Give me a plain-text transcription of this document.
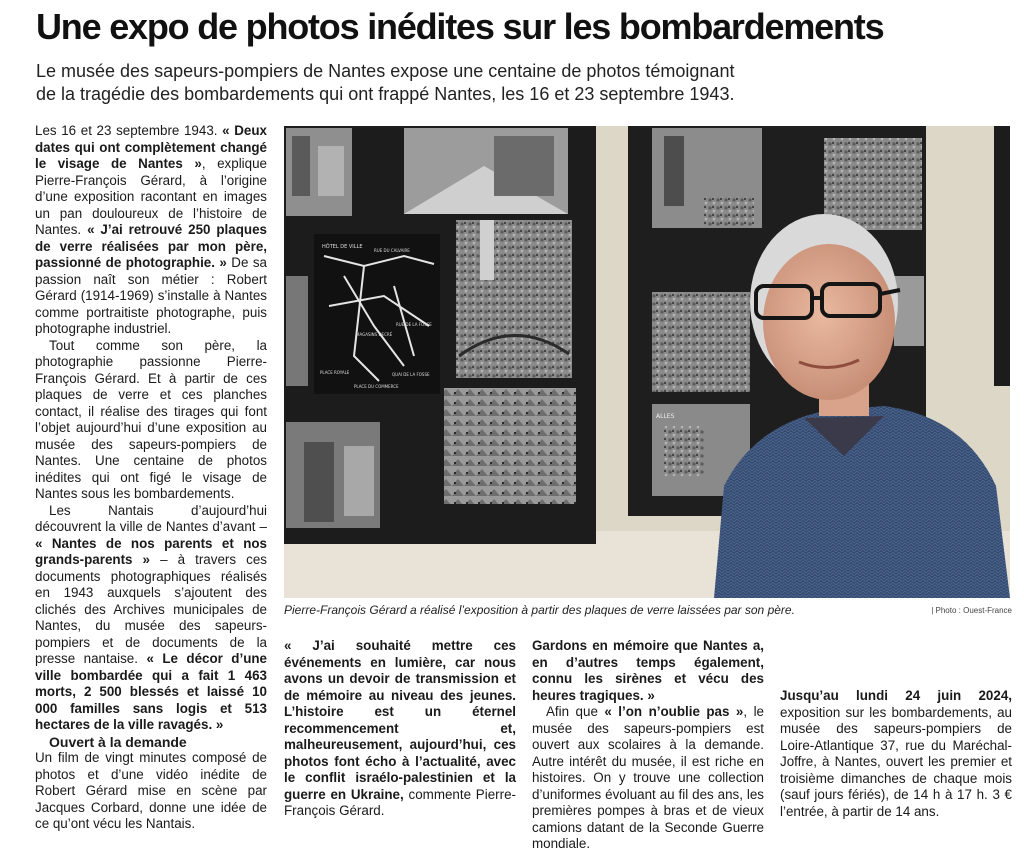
Une expo de photos inédites sur les bombardements

Le musée des sapeurs-pompiers de Nantes expose une centaine de photos témoignant
de la tragédie des bombardements qui ont frappé Nantes, les 16 et 23 septembre 1943.

Les 16 et 23 septembre 1943. « Deux dates qui ont complètement changé le visage de Nantes », explique Pierre-François Gérard, à l’origine d’une exposition racontant en images un pan douloureux de l’histoire de Nantes. « J’ai retrouvé 250 plaques de verre réalisées par mon père, passionné de photographie. » De sa passion naît son métier : Robert Gérard (1914-1969) s’installe à Nantes comme portraitiste photographe, puis photographe industriel.

Tout comme son père, la photographie passionne Pierre-François Gérard. Et à partir de ces plaques de verre et ces planches contact, il réalise des tirages qui font l’objet aujourd’hui d’une exposition au musée des sapeurs-pompiers de Nantes. Une centaine de photos inédites qui ont figé le visage de Nantes sous les bombardements.

Les Nantais d’aujourd’hui découvrent la ville de Nantes d’avant – « Nantes de nos parents et nos grands-parents » – à travers ces documents photographiques réalisés en 1943 auxquels s’ajoutent des clichés des Archives municipales de Nantes, du musée des sapeurs-pompiers et de documents de la presse nantaise. « Le décor d’une ville bombardée qui a fait 1 463 morts, 2 500 blessés et laissé 10 000 familles sans logis et 513 hectares de la ville ravagés. »

Ouvert à la demande

Un film de vingt minutes composé de photos et d’une vidéo inédite de Robert Gérard mise en scène par Jacques Corbard, donne une idée de ce qu’ont vécu les Nantais.

HÔTEL DE VILLE
RUE DU CALVAIRE
PLACE ROYALE
PLACE DU COMMERCE
MAGASINS DECRÉ
QUAI DE LA FOSSE
RUE DE LA FOSSE
ALLES
Pierre-François Gérard a réalisé l’exposition à partir des plaques de verre laissées par son père.	| Photo : Ouest-France

« J’ai souhaité mettre ces événements en lumière, car nous avons un devoir de transmission et de mémoire au niveau des jeunes. L’histoire est un éternel recommencement et, malheureusement, aujourd’hui, ces photos font écho à l’actualité, avec le conflit israélo-palestinien et la guerre en Ukraine, commente Pierre-François Gérard.

Gardons en mémoire que Nantes a, en d’autres temps également, connu les sirènes et vécu des heures tragiques. »

Afin que « l’on n’oublie pas », le musée des sapeurs-pompiers est ouvert aux scolaires à la demande. Autre intérêt du musée, il est riche en histoires. On y trouve une collection d’uniformes évoluant au fil des ans, les premières pompes à bras et de vieux camions datant de la Seconde Guerre mondiale.

Jusqu’au lundi 24 juin 2024, exposition sur les bombardements, au musée des sapeurs-pompiers de Loire-Atlantique 37, rue du Maréchal-Joffre, à Nantes, ouvert les premier et troisième dimanches de chaque mois (sauf jours fériés), de 14 h à 17 h. 3 € l’entrée, à partir de 14 ans.
